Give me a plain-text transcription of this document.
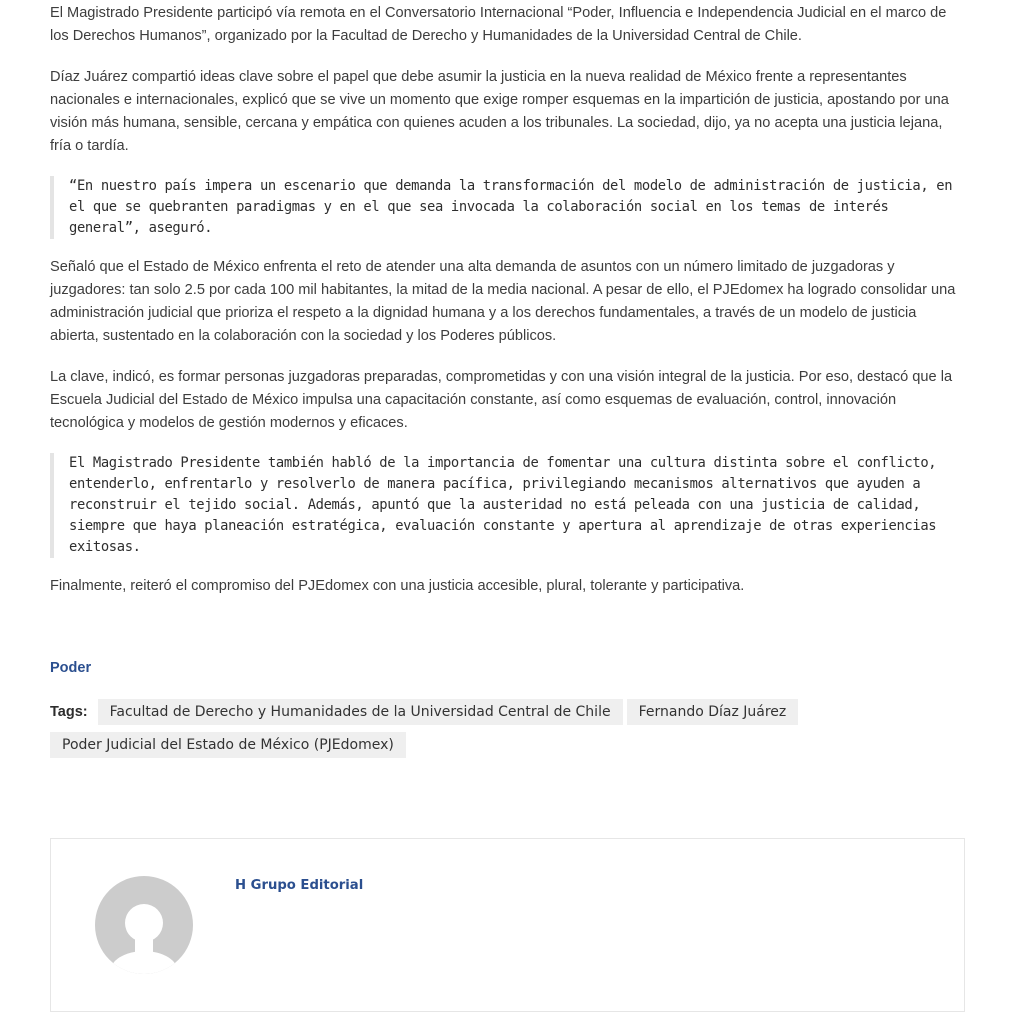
El Magistrado Presidente participó vía remota en el Conversatorio Internacional “Poder, Influencia e Independencia Judicial en el marco de los Derechos Humanos”, organizado por la Facultad de Derecho y Humanidades de la Universidad Central de Chile.

Díaz Juárez compartió ideas clave sobre el papel que debe asumir la justicia en la nueva realidad de México frente a representantes nacionales e internacionales, explicó que se vive un momento que exige romper esquemas en la impartición de justicia, apostando por una visión más humana, sensible, cercana y empática con quienes acuden a los tribunales. La sociedad, dijo, ya no acepta una justicia lejana, fría o tardía.

“En nuestro país impera un escenario que demanda la transformación del modelo de administración de justicia, en el que se quebranten paradigmas y en el que sea invocada la colaboración social en los temas de interés general”, aseguró.

Señaló que el Estado de México enfrenta el reto de atender una alta demanda de asuntos con un número limitado de juzgadoras y juzgadores: tan solo 2.5 por cada 100 mil habitantes, la mitad de la media nacional. A pesar de ello, el PJEdomex ha logrado consolidar una administración judicial que prioriza el respeto a la dignidad humana y a los derechos fundamentales, a través de un modelo de justicia abierta, sustentado en la colaboración con la sociedad y los Poderes públicos.

La clave, indicó, es formar personas juzgadoras preparadas, comprometidas y con una visión integral de la justicia. Por eso, destacó que la Escuela Judicial del Estado de México impulsa una capacitación constante, así como esquemas de evaluación, control, innovación tecnológica y modelos de gestión modernos y eficaces.

El Magistrado Presidente también habló de la importancia de fomentar una cultura distinta sobre el conflicto, entenderlo, enfrentarlo y resolverlo de manera pacífica, privilegiando mecanismos alternativos que ayuden a reconstruir el tejido social. Además, apuntó que la austeridad no está peleada con una justicia de calidad, siempre que haya planeación estratégica, evaluación constante y apertura al aprendizaje de otras experiencias exitosas.

Finalmente, reiteró el compromiso del PJEdomex con una justicia accesible, plural, tolerante y participativa.

Poder
Tags:	Facultad de Derecho y Humanidades de la Universidad Central de Chile	Fernando Díaz Juárez
Poder Judicial del Estado de México (PJEdomex)
H Grupo Editorial
